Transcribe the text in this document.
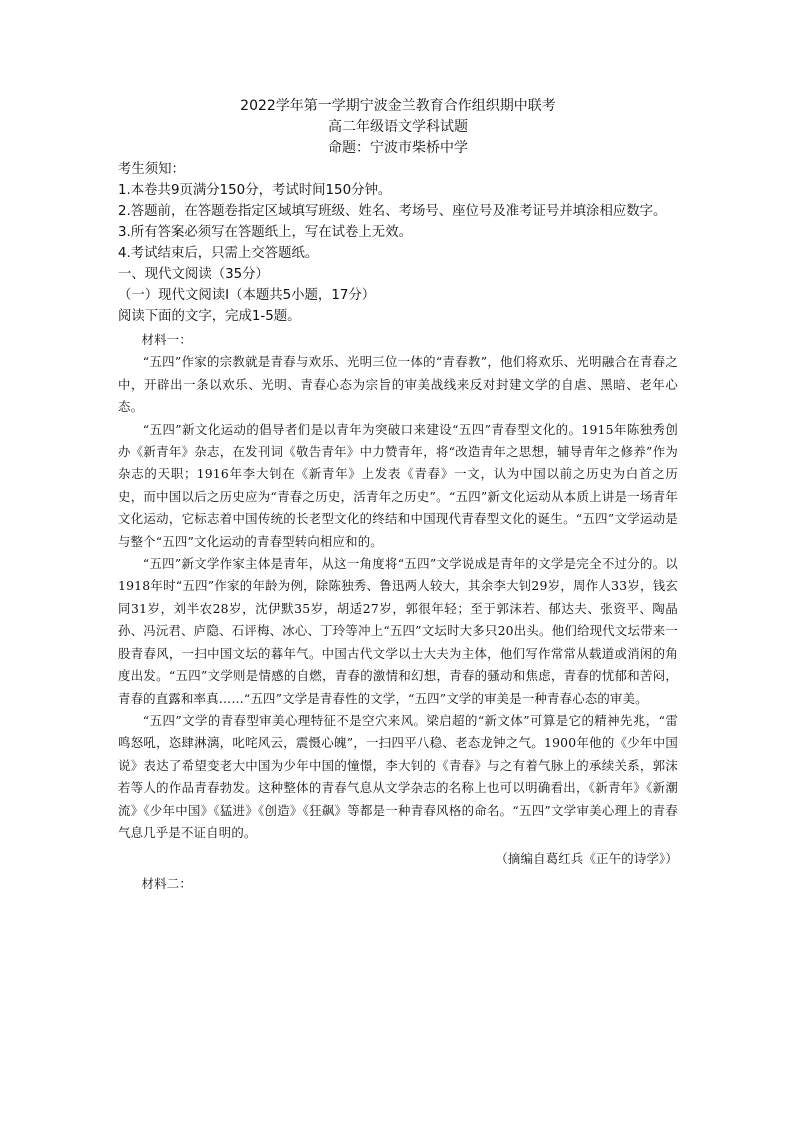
2022学年第一学期宁波金兰教育合作组织期中联考
高二年级语文学科试题
命题：宁波市柴桥中学

考生须知：

1.本卷共9页满分150分，考试时间150分钟。

2.答题前，在答题卷指定区域填写班级、姓名、考场号、座位号及准考证号并填涂相应数字。

3.所有答案必须写在答题纸上，写在试卷上无效。

4.考试结束后，只需上交答题纸。

一、现代文阅读（35分）

（一）现代文阅读Ⅰ（本题共5小题，17分）

阅读下面的文字，完成1-5题。

材料一：

“五四”作家的宗教就是青春与欢乐、光明三位一体的“青春教”，他们将欢乐、光明融合在青春之中，开辟出一条以欢乐、光明、青春心态为宗旨的审美战线来反对封建文学的自虐、黑暗、老年心态。

“五四”新文化运动的倡导者们是以青年为突破口来建设“五四”青春型文化的。1915年陈独秀创办《新青年》杂志，在发刊词《敬告青年》中力赞青年，将“改造青年之思想，辅导青年之修养”作为杂志的天职；1916年李大钊在《新青年》上发表《青春》一文，认为中国以前之历史为白首之历史，而中国以后之历史应为“青春之历史，活青年之历史”。“五四”新文化运动从本质上讲是一场青年文化运动，它标志着中国传统的长老型文化的终结和中国现代青春型文化的诞生。“五四”文学运动是与整个“五四”文化运动的青春型转向相应和的。

“五四”新文学作家主体是青年，从这一角度将“五四”文学说成是青年的文学是完全不过分的。以1918年时“五四”作家的年龄为例，除陈独秀、鲁迅两人较大，其余李大钊29岁，周作人33岁，钱玄同31岁，刘半农28岁，沈伊默35岁，胡适27岁，郭很年轻；至于郭沫若、郁达夫、张资平、陶晶孙、冯沅君、庐隐、石评梅、冰心、丁玲等冲上“五四”文坛时大多只20出头。他们给现代文坛带来一股青春风，一扫中国文坛的暮年气。中国古代文学以士大夫为主体，他们写作常常从载道或消闲的角度出发。“五四”文学则是情感的自燃，青春的激情和幻想，青春的骚动和焦虑，青春的忧郁和苦闷，青春的直露和率真……“五四”文学是青春性的文学，“五四”文学的审美是一种青春心态的审美。

“五四”文学的青春型审美心理特征不是空穴来风。梁启超的“新文体”可算是它的精神先兆，“雷鸣怒吼，恣肆淋漓，叱咤风云，震慑心魄”，一扫四平八稳、老态龙钟之气。1900年他的《少年中国说》表达了希望变老大中国为少年中国的憧憬，李大钊的《青春》与之有着气脉上的承续关系，郭沫若等人的作品青春勃发。这种整体的青春气息从文学杂志的名称上也可以明确看出，《新青年》《新潮流》《少年中国》《猛进》《创造》《狂飙》等都是一种青春风格的命名。“五四”文学审美心理上的青春气息几乎是不证自明的。

（摘编自葛红兵《正午的诗学》）

材料二：
